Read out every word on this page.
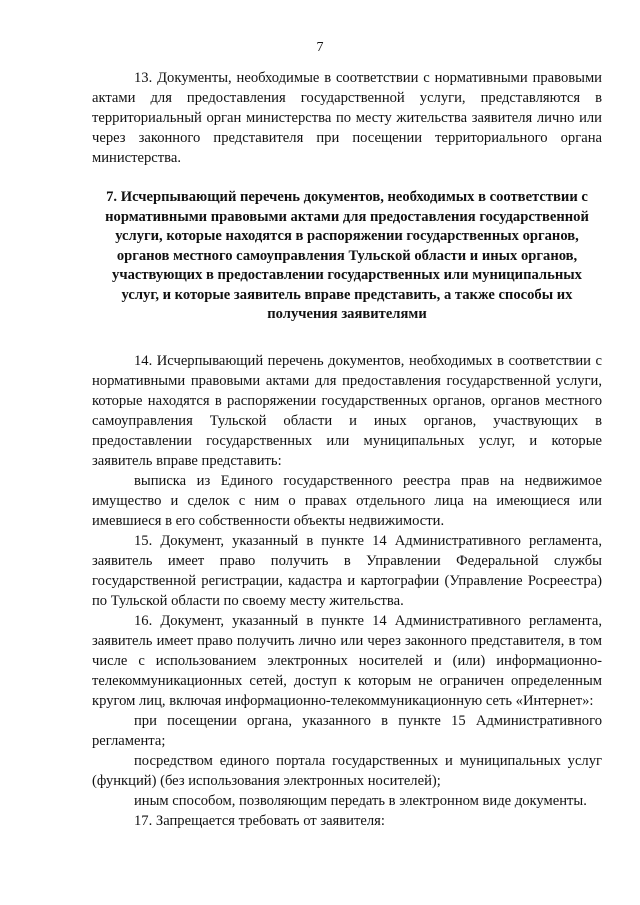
7

13. Документы, необходимые в соответствии с нормативными правовыми актами для предоставления государственной услуги, представляются в территориальный орган министерства по месту жительства заявителя лично или через законного представителя при посещении территориального органа министерства.

7. Исчерпывающий перечень документов, необходимых в соответствии с
нормативными правовыми актами для предоставления государственной
услуги, которые находятся в распоряжении государственных органов,
органов местного самоуправления Тульской области и иных органов,
участвующих в предоставлении государственных или муниципальных
услуг, и которые заявитель вправе представить, а также способы их
получения заявителями

14. Исчерпывающий перечень документов, необходимых в соответствии с нормативными правовыми актами для предоставления государственной услуги, которые находятся в распоряжении государственных органов, органов местного самоуправления Тульской области и иных органов, участвующих в предоставлении государственных или муниципальных услуг, и которые заявитель вправе представить:

выписка из Единого государственного реестра прав на недвижимое имущество и сделок с ним о правах отдельного лица на имеющиеся или имевшиеся в его собственности объекты недвижимости.

15. Документ, указанный в пункте 14 Административного регламента, заявитель имеет право получить в Управлении Федеральной службы государственной регистрации, кадастра и картографии (Управление Росреестра) по Тульской области по своему месту жительства.

16. Документ, указанный в пункте 14 Административного регламента, заявитель имеет право получить лично или через законного представителя, в том числе с использованием электронных носителей и (или) информационно-телекоммуникационных сетей, доступ к которым не ограничен определенным кругом лиц, включая информационно-телекоммуникационную сеть «Интернет»:

при посещении органа, указанного в пункте 15 Административного регламента;

посредством единого портала государственных и муниципальных услуг (функций) (без использования электронных носителей);

иным способом, позволяющим передать в электронном виде документы.

17. Запрещается требовать от заявителя:
